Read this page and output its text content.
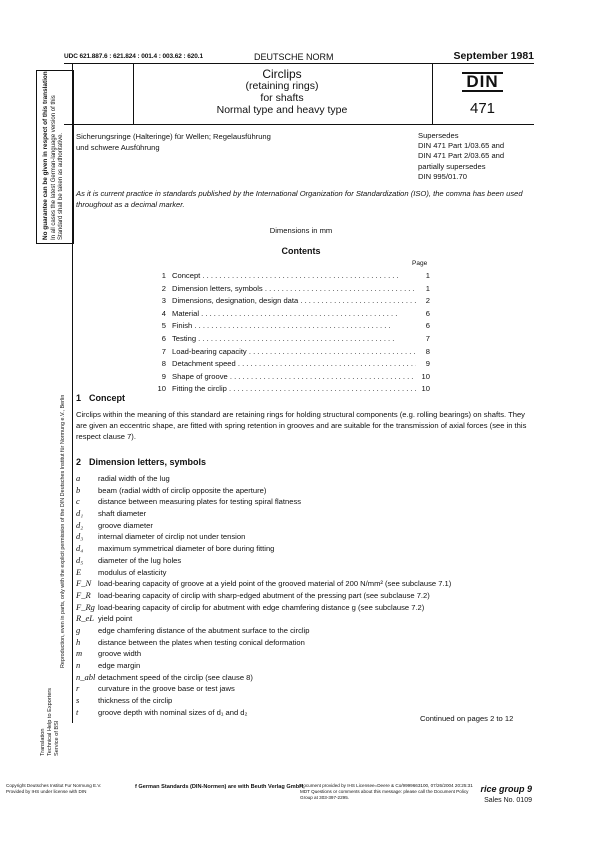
UDC 621.887.6 : 621.824 : 001.4 : 003.62 : 620.1	DEUTSCHE NORM	September 1981
Circlips
(retaining rings)
for shafts
Normal type and heavy type
DIN
471
Sicherungsringe (Halteringe) für Wellen; Regelausführung
und schwere Ausführung
Supersedes
DIN 471 Part 1/03.65 and
DIN 471 Part 2/03.65 and
partially supersedes
DIN 995/01.70
As it is current practice in standards published by the International Organization for Standardization (ISO), the comma has been used throughout as a decimal marker.
Dimensions in mm
Contents
Page
1 Concept . . .	1
2 Dimension letters, symbols . . .	1
3 Dimensions, designation, design data . . .	2
4 Material . . .	6
5 Finish . . .	6
6 Testing . . .	7
7 Load-bearing capacity . . .	8
8 Detachment speed . . .	9
9 Shape of groove . . .	10
10 Fitting the circlip . . .	10
1 Concept
Circlips within the meaning of this standard are retaining rings for holding structural components (e.g. rolling bearings) on shafts. They are given an eccentric shape, are fitted with spring retention in grooves and are suitable for the transmission of axial forces (see in this respect clause 7).
2 Dimension letters, symbols
a	radial width of the lug
b	beam (radial width of circlip opposite the aperture)
c	distance between measuring plates for testing spiral flatness
d₁	shaft diameter
d₂	groove diameter
d₃	internal diameter of circlip not under tension
d₄	maximum symmetrical diameter of bore during fitting
d₅	diameter of the lug holes
E	modulus of elasticity
F_N load-bearing capacity of groove at a yield point of the grooved material of 200 N/mm² (see subclause 7.1)
F_R load-bearing capacity of circlip with sharp-edged abutment of the pressing part (see subclause 7.2)
F_Rg load-bearing capacity of circlip for abutment with edge chamfering distance g (see subclause 7.2)
R_eL yield point
g	edge chamfering distance of the abutment surface to the circlip
h	distance between the plates when testing conical deformation
m	groove width
n	edge margin
n_abl detachment speed of the circlip (see clause 8)
r	curvature in the groove base or test jaws
s	thickness of the circlip
t	groove depth with nominal sizes of d₁ and d₂
Continued on pages 2 to 12
No guarantee can be given in respect of this translation. In all cases the latest German-language version of this Standard shall be taken as authoritative.
Reproduction, even in parts, only with the explicit permission of the DIN Deutsches Institut für Normung e.V., Berlin
Translation Technical Help to Exporters Service of BSI
Copyright Deutsches Institut Fur Normung E.V.
Provided by IHS under license with DIN
f German Standards (DIN-Normen) are with Beuth Verlag GmbH,
Document provided by IHS Licensee=Deere & Co/9999663100, 07/26/2004 20:25:31
MDT Questions or comments about this message: please call the Document Policy
Group at 303-397-2295.
rice group 9
Sales No. 0109
